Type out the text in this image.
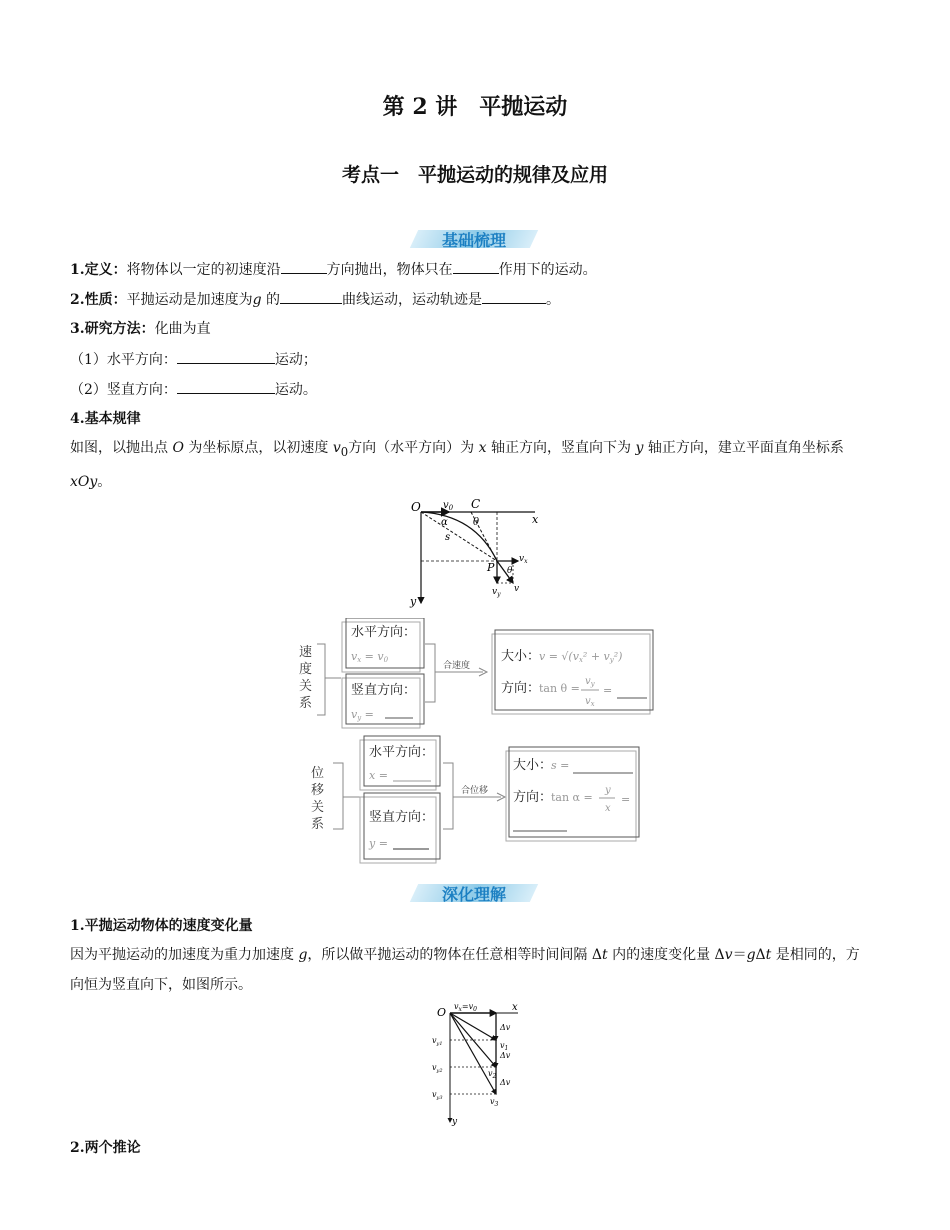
第 2 讲　平抛运动
考点一　平抛运动的规律及应用
基础梳理
1.定义：将物体以一定的初速度沿	方向抛出，物体只在	作用下的运动。
2.性质：平抛运动是加速度为g 的	曲线运动，运动轨迹是	。
3.研究方法：化曲为直
（1）水平方向：	运动；
（2）竖直方向：	运动。
4.基本规律
如图，以抛出点 O 为坐标原点，以初速度 $v_0$方向（水平方向）为 x 轴正方向，竖直向下为 y 轴正方向，建立平面直角坐标系 xOy。
O $v_0$ C
x
α	θ
s
P
$v_x$
θ
$v_y$
v
y
速
度
关
系
水平方向：
vx = v0
竖直方向：
vy =
合速度
大小：
v = √(vx² + vy²)
方向：
tan θ =
$v_y$
$v_x$
=
位
移
关
系
水平方向：
x =
竖直方向：
y =
合位移
大小：
s =
方向：
tan α =
y
x
=
深化理解
1.平抛运动物体的速度变化量
因为平抛运动的加速度为重力加速度 g，所以做平抛运动的物体在任意相等时间间隔 Δt 内的速度变化量 Δv＝gΔt 是相同的，方向恒为竖直向下，如图所示。
O $v_x=v_0$	x
Δv
Δv
Δv
$v_1$
$v_2$
$v_3$
$v_{y1}$
$v_{y2}$
$v_{y3}$
y
2.两个推论
